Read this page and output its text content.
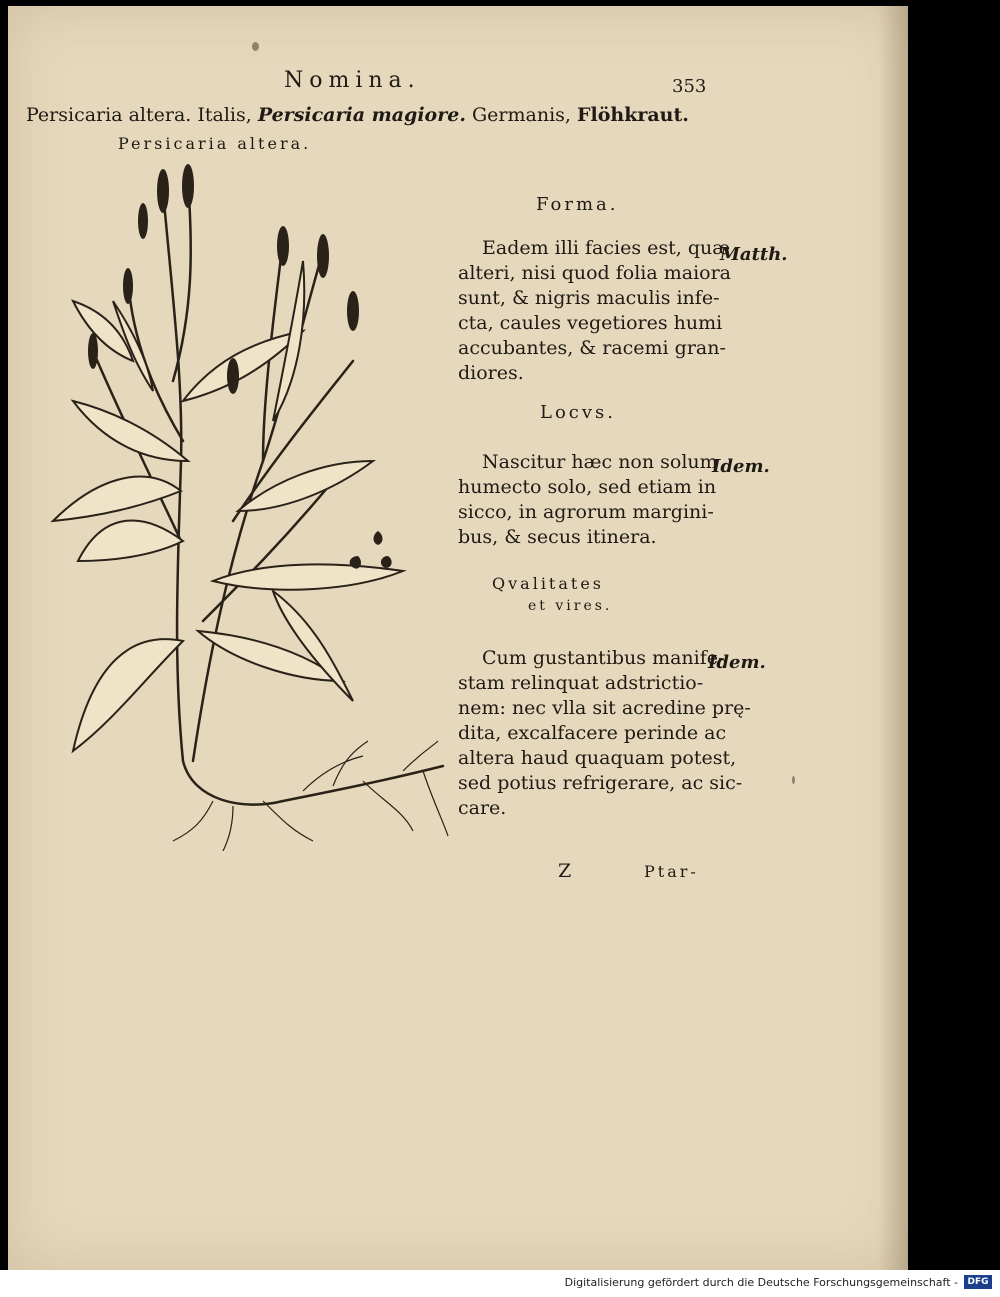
Nomina.	353
Persicaria altera. Italis, Persicaria magiore. Germanis, Flöhkraut.
Persicaria altera.
Forma.
Matth.
Eadem illi facies est, quæ
alteri, nisi quod folia maiora
sunt, & nigris maculis infe-
cta, caules vegetiores humi
accubantes, & racemi gran-
diores.
Locvs.
Idem.
Nascitur hæc non solum
humecto solo, sed etiam in
sicco, in agrorum margini-
bus, & secus itinera.
Qvalitates
et vires.
Idem.
Cum gustantibus manife-
stam relinquat adstrictio-
nem: nec vlla sit acredine prę-
dita, excalfacere perinde ac
altera haud quaquam potest,
sed potius refrigerare, ac sic-
care.
Z	Ptar-
Digitalisierung gefördert durch die Deutsche Forschungsgemeinschaft -	DFG
